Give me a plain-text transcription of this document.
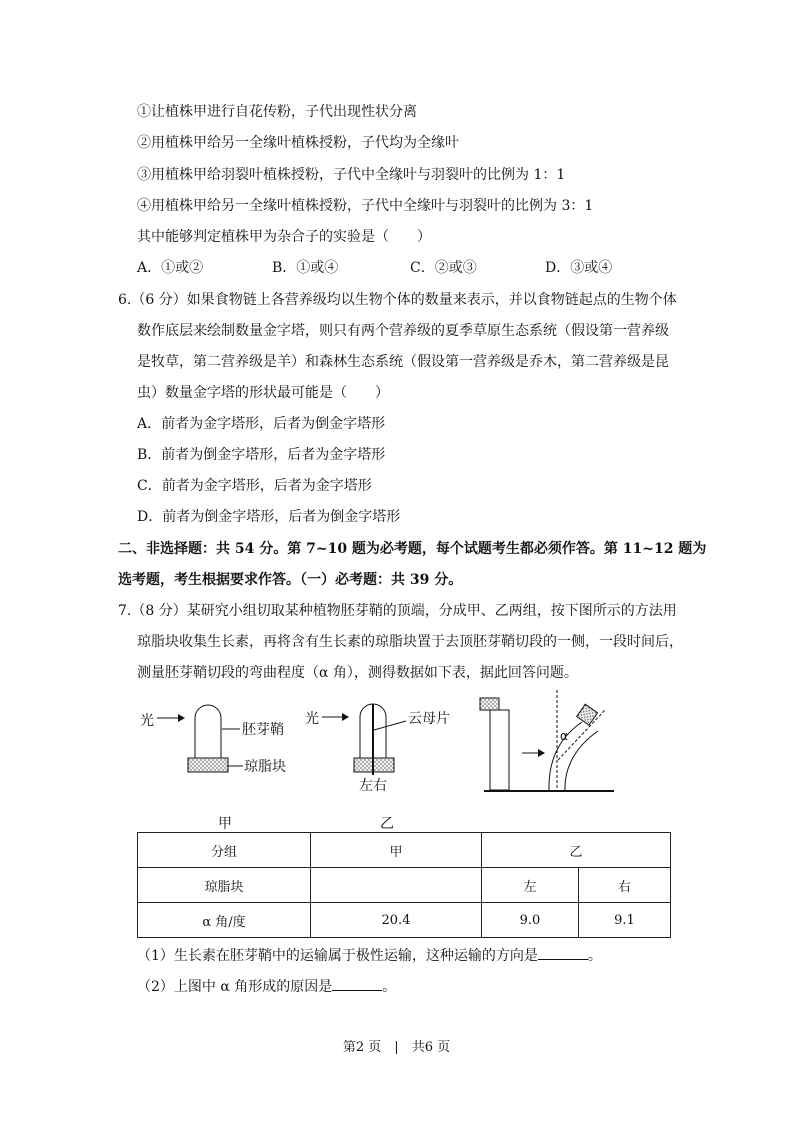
①让植株甲进行自花传粉，子代出现性状分离
②用植株甲给另一全缘叶植株授粉，子代均为全缘叶
③用植株甲给羽裂叶植株授粉，子代中全缘叶与羽裂叶的比例为 1：1
④用植株甲给另一全缘叶植株授粉，子代中全缘叶与羽裂叶的比例为 3：1
其中能够判定植株甲为杂合子的实验是（　　）
A．①或②	B．①或④	C．②或③	D．③或④
6.（6 分）如果食物链上各营养级均以生物个体的数量来表示，并以食物链起点的生物个体
数作底层来绘制数量金字塔，则只有两个营养级的夏季草原生态系统（假设第一营养级
是牧草，第二营养级是羊）和森林生态系统（假设第一营养级是乔木，第二营养级是昆
虫）数量金字塔的形状最可能是（　　）
A．前者为金字塔形，后者为倒金字塔形
B．前者为倒金字塔形，后者为金字塔形
C．前者为金字塔形，后者为金字塔形
D．前者为倒金字塔形，后者为倒金字塔形
二、非选择题：共 54 分。第 7~10 题为必考题，每个试题考生都必须作答。第 11~12 题为
选考题，考生根据要求作答。（一）必考题：共 39 分。
7.（8 分）某研究小组切取某种植物胚芽鞘的顶端，分成甲、乙两组，按下图所示的方法用
琼脂块收集生长素，再将含有生长素的琼脂块置于去顶胚芽鞘切段的一侧，一段时间后，
测量胚芽鞘切段的弯曲程度（α 角），测得数据如下表，据此回答问题。
光
胚芽鞘
琼脂块
甲
光	云母片
左右
乙
α
分组	甲	乙	
琼脂块		左	右
α 角/度	20.4	9.0	9.1
（1）生长素在胚芽鞘中的运输属于极性运输，这种运输的方向是	。
（2）上图中 α 角形成的原因是	。
第2 页　|　共6 页
